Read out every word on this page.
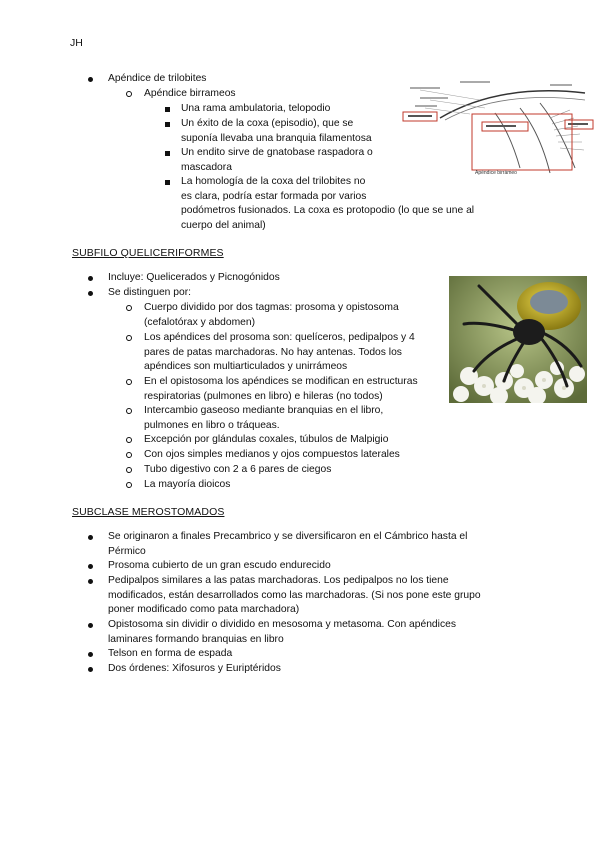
JH
Apéndice de trilobites
Apéndice birrameos
Una rama ambulatoria, telopodio
Un éxito de la coxa (episodio), que se
suponía llevaba una branquia filamentosa
Un endito sirve de gnatobase raspadora o
mascadora
La homología de la coxa del trilobites no
es clara, podría estar formada por varios
podómetros fusionados. La coxa es protopodio (lo que se une al
cuerpo del animal)
Apéndice birrámeo
SUBFILO QUELICERIFORMES
Incluye: Quelicerados y Picnogónidos
Se distinguen por:
Cuerpo dividido por dos tagmas: prosoma y opistosoma
(cefalotórax y abdomen)
Los apéndices del prosoma son: quelíceros, pedipalpos y 4
pares de patas marchadoras. No hay antenas. Todos los
apéndices son multiarticulados y unirrámeos
En el opistosoma los apéndices se modifican en estructuras
respiratorias (pulmones en libro) e hileras (no todos)
Intercambio gaseoso mediante branquias en el libro,
pulmones en libro o tráqueas.
Excepción por glándulas coxales, túbulos de Malpigio
Con ojos simples medianos y ojos compuestos laterales
Tubo digestivo con 2 a 6 pares de ciegos
La mayoría dioicos
SUBCLASE MEROSTOMADOS
Se originaron a finales Precambrico y se diversificaron en el Cámbrico hasta el
Pérmico
Prosoma cubierto de un gran escudo endurecido
Pedipalpos similares a las patas marchadoras. Los pedipalpos no los tiene
modificados, están desarrollados como las marchadoras. (Si nos pone este grupo
poner modificado como pata marchadora)
Opistosoma sin dividir o dividido en mesosoma y metasoma. Con apéndices
laminares formando branquias en libro
Telson en forma de espada
Dos órdenes: Xifosuros y Euriptéridos
